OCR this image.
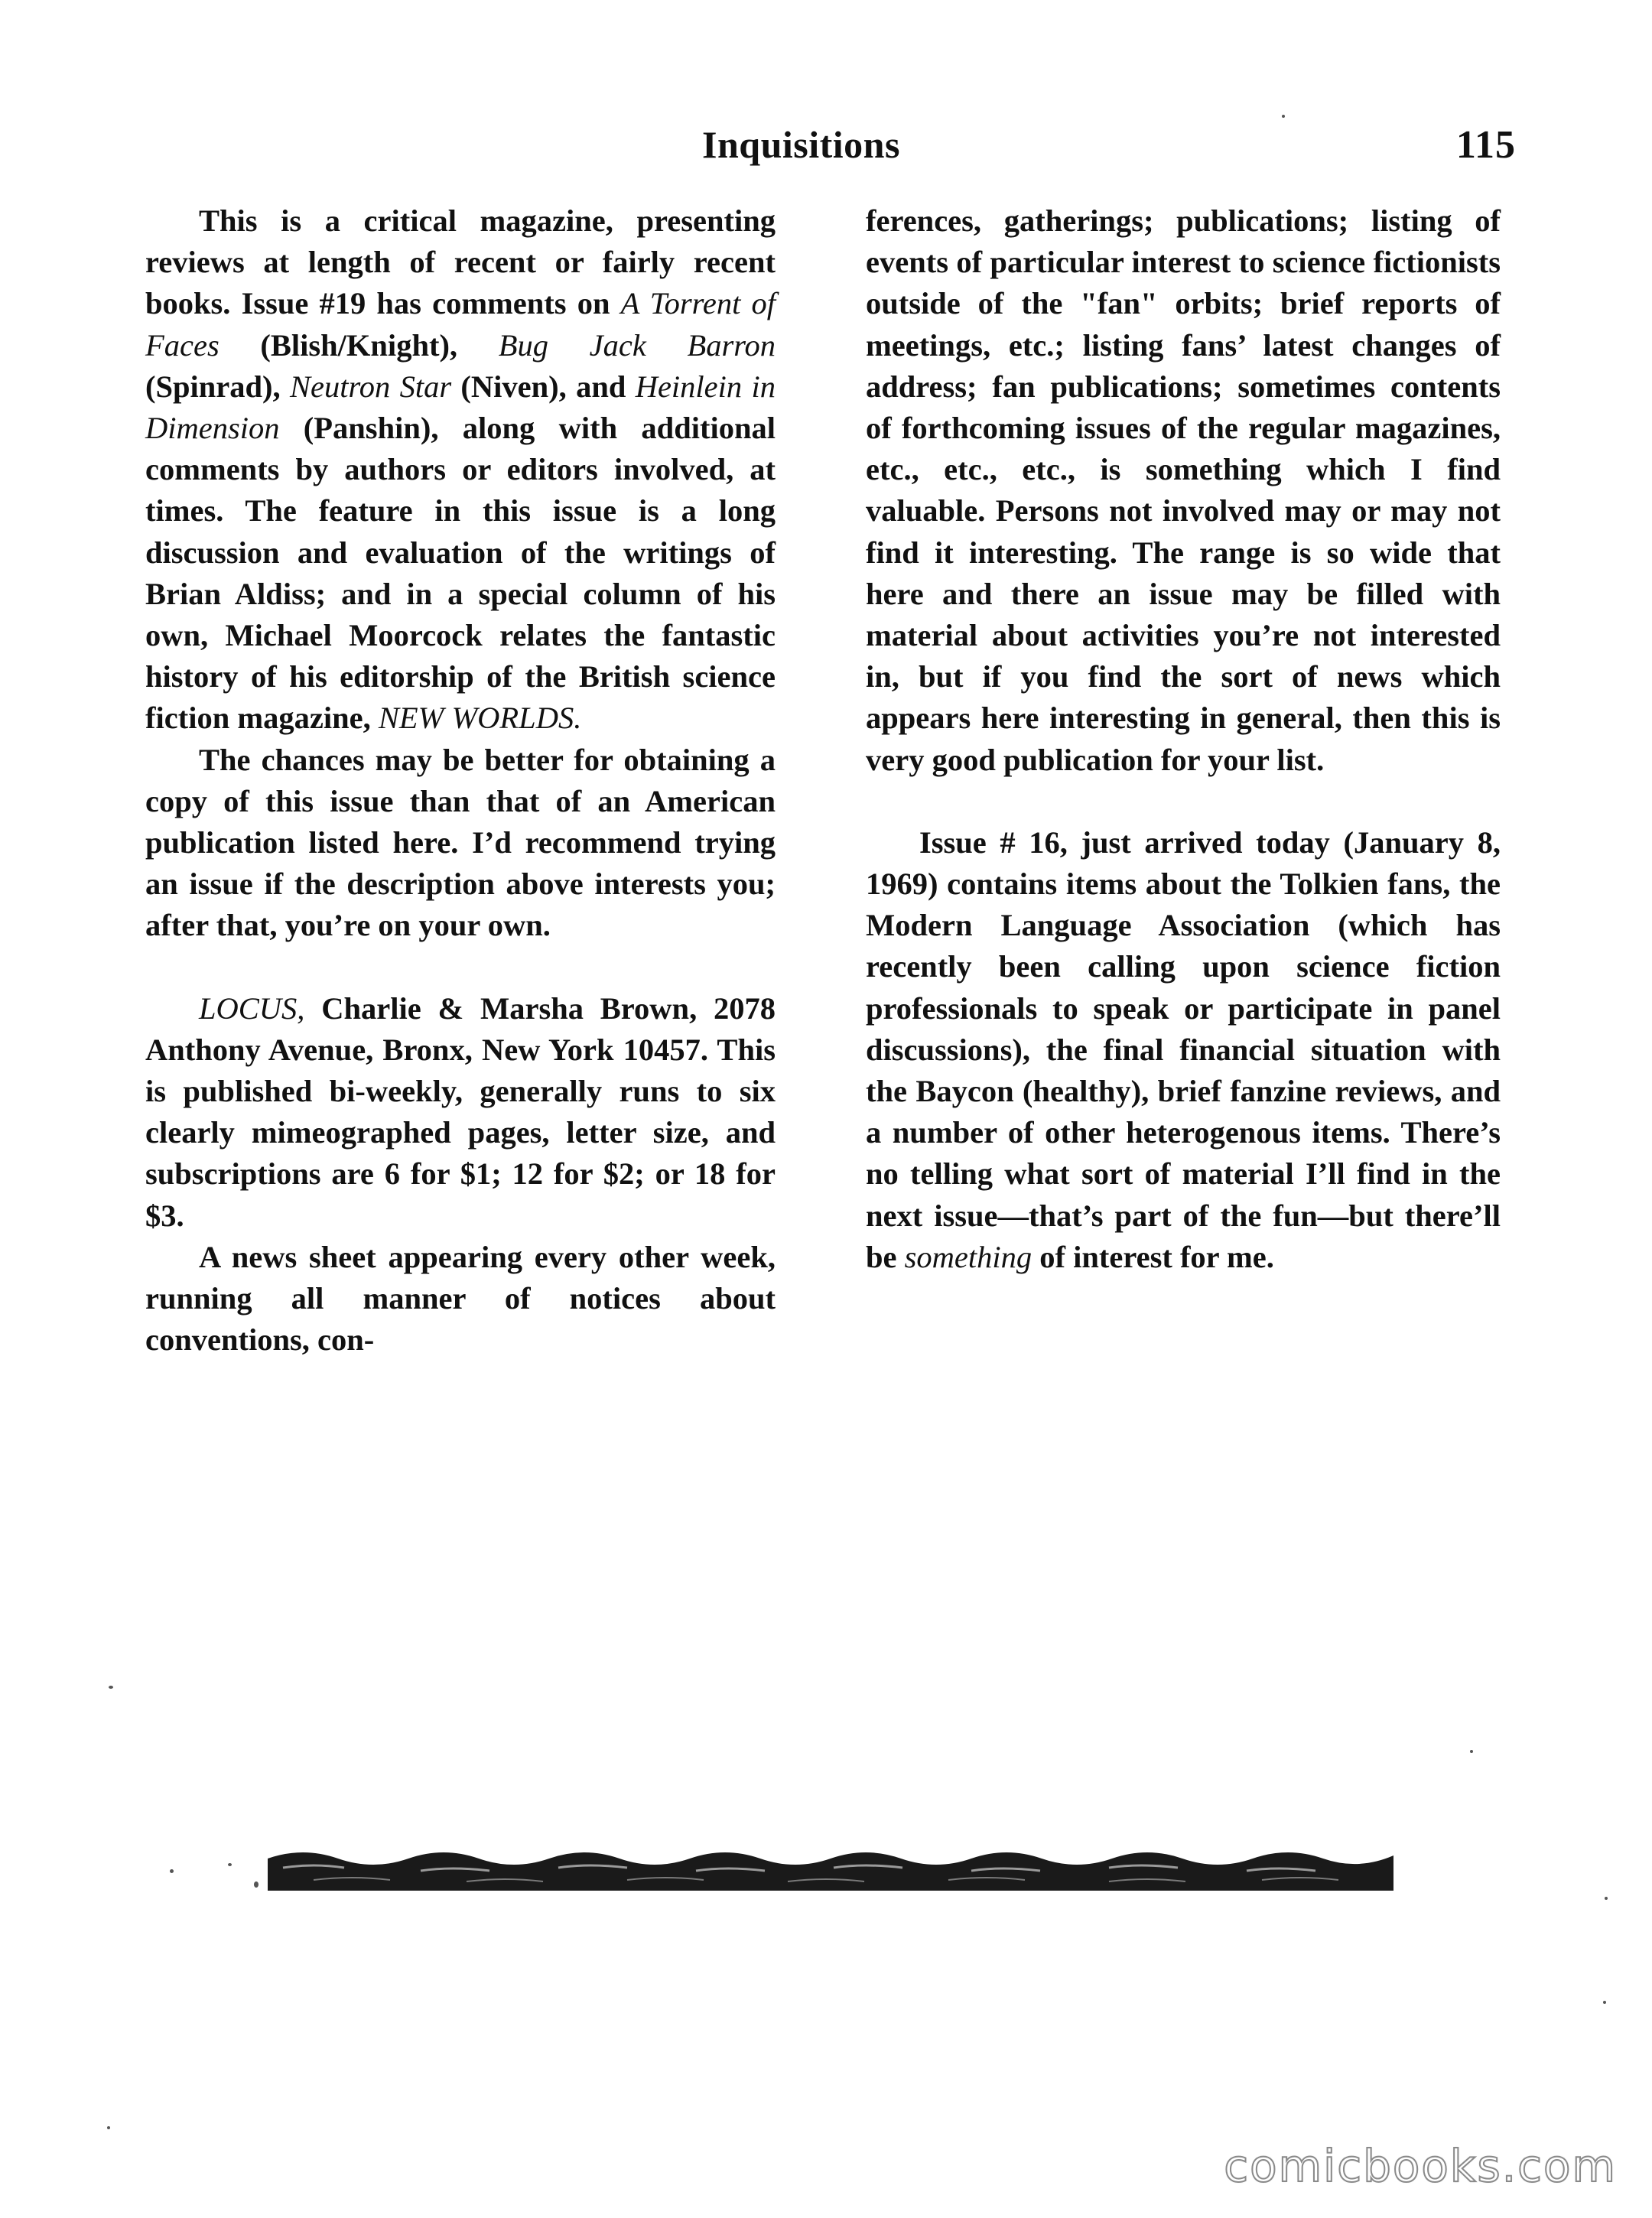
Inquisitions	115

This is a critical magazine, presenting reviews at length of recent or fairly recent books. Issue #19 has comments on A Torrent of Faces (Blish/Knight), Bug Jack Barron (Spinrad), Neutron Star (Niven), and Heinlein in Dimension (Panshin), along with additional comments by authors or editors involved, at times. The feature in this issue is a long discussion and evaluation of the writings of Brian Aldiss; and in a special column of his own, Michael Moorcock relates the fantastic history of his editorship of the British science fiction magazine, NEW WORLDS.

The chances may be better for obtaining a copy of this issue than that of an American publication listed here. I’d recommend trying an issue if the description above interests you; after that, you’re on your own.

LOCUS, Charlie & Marsha Brown, 2078 Anthony Avenue, Bronx, New York 10457. This is published bi-weekly, generally runs to six clearly mimeographed pages, letter size, and subscriptions are 6 for $1; 12 for $2; or 18 for $3.

A news sheet appearing every other week, running all manner of notices about conventions, con-

ferences, gatherings; publications; listing of events of particular interest to science fictionists outside of the "fan" orbits; brief reports of meetings, etc.; listing fans’ latest changes of address; fan publications; sometimes contents of forthcoming issues of the regular magazines, etc., etc., etc., is something which I find valuable. Persons not involved may or may not find it interesting. The range is so wide that here and there an issue may be filled with material about activities you’re not interested in, but if you find the sort of news which appears here interesting in general, then this is very good publication for your list.

Issue # 16, just arrived today (January 8, 1969) contains items about the Tolkien fans, the Modern Language Association (which has recently been calling upon science fiction professionals to speak or participate in panel discussions), the final financial situation with the Baycon (healthy), brief fanzine reviews, and a number of other heterogenous items. There’s no telling what sort of material I’ll find in the next issue—that’s part of the fun—but there’ll be something of interest for me.

comicbooks.com
